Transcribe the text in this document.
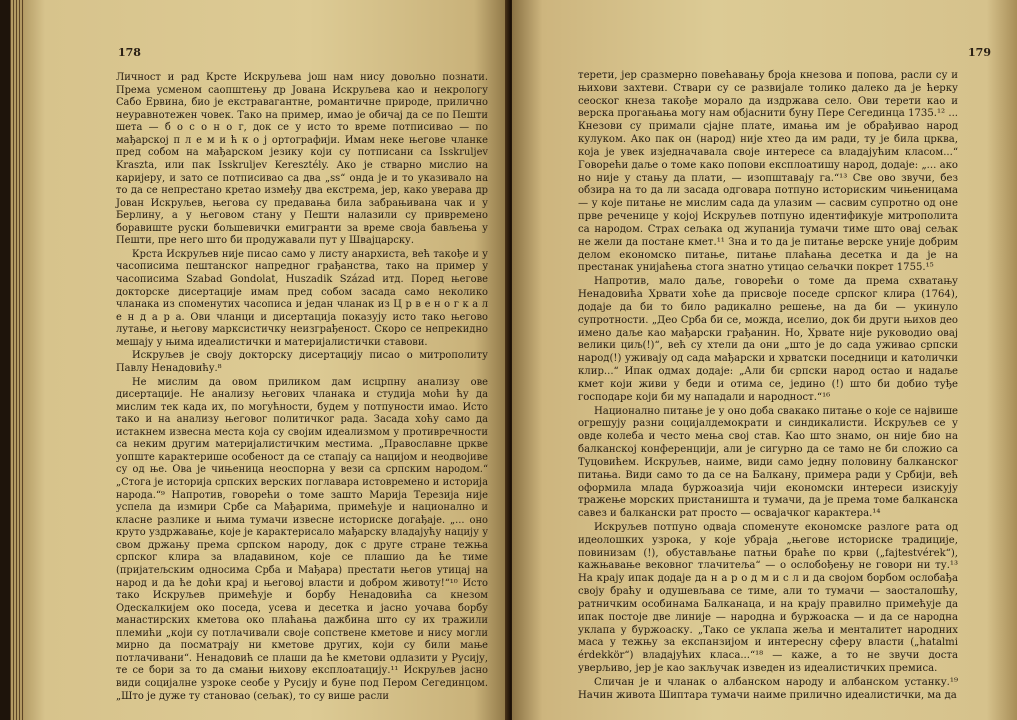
178

Личност и рад Крсте Искруљева још нам нису довољно познати. Према усменом саопштењу др Јована Искруљева као и некрологу Сабо Ервина, био је екстравагантне, романтичне природе, прилично неуравнотежен човек. Тако на пример, имао је обичај да се по Пешти шета — б о с о н о г, док се у исто то време потписивао — по мађарској п л е м и ћ к о ј ортографији. Имам неке његове чланке пред собом на мађарском језику који су потписани са Isskruljev Kraszta, или пак Isskruljev Keresztély. Ако је стварно мислио на каријеру, и зато се потписивао са два „ss“ онда је и то указивало на то да се непрестано кретао између два екстрема, јер, како уверава др Јован Искруљев, његова су предавања била забрањивана чак и у Берлину, а у његовом стану у Пешти налазили су привремено боравиште руски бољшевички емигранти за време своја бављења у Пешти, пре него што би продужавали пут у Швајцарску.

Крста Искруљев није писао само у листу анархиста, већ такође и у часописима пештанског напредног грађанства, тако на пример у часописима Szabad Gondolat, Huszadik Század итд. Поред његове докторске дисертације имам пред собом засада само неколико чланака из споменутих часописа и један чланак из Ц р в е н о г к а л е н д а р а. Ови чланци и дисертација показују исто тако његово лутање, и његову марксистичку неизграђеност. Скоро се непрекидно мешају у њима идеалистички и материјалистички ставови.

Искруљев је своју докторску дисертацију писао о митрополиту Павлу Ненадовићу.⁸

Не мислим да овом приликом дам исцрпну анализу ове дисертације. Не анализу његових чланака и студија моћи ћу да мислим тек када их, по могућности, будем у потпуности имао. Исто тако и на анализу његовог политичког рада. Засада хоћу само да истакнем извесна места која су својим идеализмом у противречности са неким другим материјалистичким местима. „Православне цркве уопште карактерише особеност да се стапају са нацијом и неодвојиве су од ње. Ова је чињеница неоспорна у вези са српским народом.“ „Стога је историја српских верских поглавара истовремено и историја народа.“⁹ Напротив, говорећи о томе зашто Марија Терезија није успела да измири Србе са Мађарима, примећује и национално и класне разлике и њима тумачи извесне историске догађаје. „... оно круто уздржавање, које је карактерисало мађарску владајућу нацију у свом држању према српском народу, док с друге стране тежња српског клира за владавином, које се плашио да ће тиме (пријатељским односима Срба и Мађара) престати његов утицај на народ и да ће доћи крај и његовој власти и добром животу!“¹⁰ Исто тако Искруљев примећује и борбу Ненадовића са кнезом Одескалкијем око поседа, усева и десетка и јасно уочава борбу манастирских кметова око плаћања дажбина што су их тражили племићи „који су потлачивали своје сопствене кметове и нису могли мирно да посматрају ни кметове других, који су били мање потлачивани“. Ненадовић се плаши да ће кметови одлазити у Русију, те се бори за то да смањи њихову експлоатацију.¹¹ Искруљев јасно види социјалне узроке сеобе у Русију и буне под Пером Сегединцом. „Што је дуже ту становао (сељак), то су више расли

179

терети, јер сразмерно повећавању броја кнезова и попова, расли су и њихови захтеви. Ствари су се развијале толико далеко да је ћерку сеоског кнеза такође морало да издржава село. Ови терети као и верска прогањања могу нам објаснити буну Пере Сегединца 1735.¹² ... Кнезови су примали сјајне плате, имања им је обрађивао народ кулуком. Ако пак он (народ) није хтео да им ради, ту је била црква, која је увек изједначавала своје интересе са владајућим класом...“ Говорећи даље о томе како попови експлоатишу народ, додаје: „... ако но није у стању да плати, — изопштавају га.“¹³ Све ово звучи, без обзира на то да ли засада одговара потпуно историским чињеницама — у које питање не мислим сада да улазим — сасвим супротно од оне прве реченице у којој Искруљев потпуно идентификује митрополита са народом. Страх сељака од жупанија тумачи тиме што овај сељак не жели да постане кмет.¹¹ Зна и то да је питање верске уније добрим делом економско питање, питање плаћања десетка и да је на престанак унијаћења стога знатно утицао сељачки покрет 1755.¹⁵

Напротив, мало даље, говорећи о томе да према схватању Ненадовића Хрвати хоће да присвоје поседе српског клира (1764), додаје да би то било радикално решење, на да би — укинуло супротности. „Део Срба би се, можда, иселио, док би други њихов део имено даље као мађарски грађанин. Но, Хрвате није руководио овај велики циљ(!)“, већ су хтели да они „што је до сада уживао српски народ(!) уживају од сада мађарски и хрватски поседници и католички клир...“ Ипак одмах додаје: „Али би српски народ остао и надаље кмет који живи у беди и отима се, једино (!) што би добио туђе господаре који би му нападали и народност.“¹⁶

Национално питање је у оно доба свакако питање о које се највише огрешују разни социјалдемократи и синдикалисти. Искруљев се у овде колеба и често мења свој став. Као што знамо, он није био на балканској конференцији, али је сигурно да се тамо не би сложио са Туцовићем. Искруљев, наиме, види само једну половину балканског питања. Види само то да се на Балкану, примера ради у Србији, већ оформила млада буржоазија чији економски интереси изискују тражење морских пристаништа и тумачи, да је према томе балканска савез и балкански рат просто — освајачког карактера.¹⁴

Искруљев потпуно одваја споменуте економске разлоге рата од идеолошких узрока, у које убраја „његове историске традиције, повинизам (!), обустављање патњи браће по крви („fajtestvérek“), кажњавање вековног тлачитеља“ — о ослобођењу не говори ни ту.¹³ На крају ипак додаје да н а р о д м и с л и да својом борбом ослобађа своју браћу и одушевљава се тиме, али то тумачи — заосталошћу, ратничким особинама Балканаца, и на крају правилно примећује да ипак постоје две линије — народна и буржоаска — и да се народна уклапа у буржоаску. „Тако се уклапа жеља и менталитет народних маса у тежњу за експанзијом и интересну сферу власти („hatalmi érdekkör“) владајућих класа...“¹⁸ — каже, а то не звучи доста уверљиво, јер је као закључак изведен из идеалистичких премиса.

Сличан је и чланак о албанском народу и албанском устанку.¹⁹ Начин живота Шиптара тумачи наиме прилично идеалистички, ма да
